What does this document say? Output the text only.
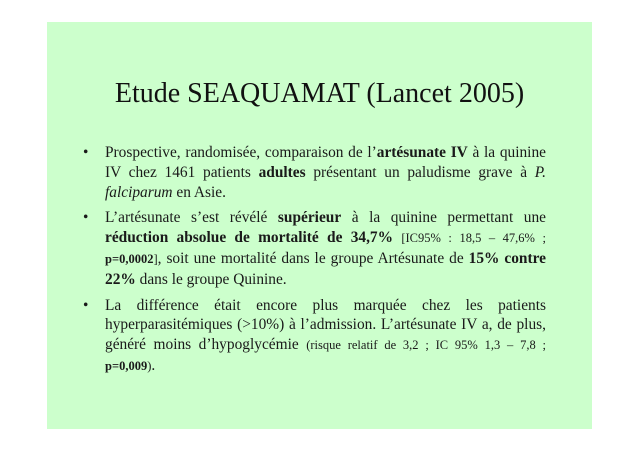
Etude SEAQUAMAT (Lancet 2005)
• Prospective, randomisée, comparaison de l’artésunate IV à la quinine IV chez 1461 patients adultes présentant un paludisme grave à P. falciparum en Asie.
• L’artésunate s’est révélé supérieur à la quinine permettant une réduction absolue de mortalité de 34,7% [IC95% : 18,5 – 47,6% ; p=0,0002], soit une mortalité dans le groupe Artésunate de 15% contre 22% dans le groupe Quinine.
• La différence était encore plus marquée chez les patients hyperparasitémiques (>10%) à l’admission. L’artésunate IV a, de plus, généré moins d’hypoglycémie (risque relatif de 3,2 ; IC 95% 1,3 – 7,8 ; p=0,009).
